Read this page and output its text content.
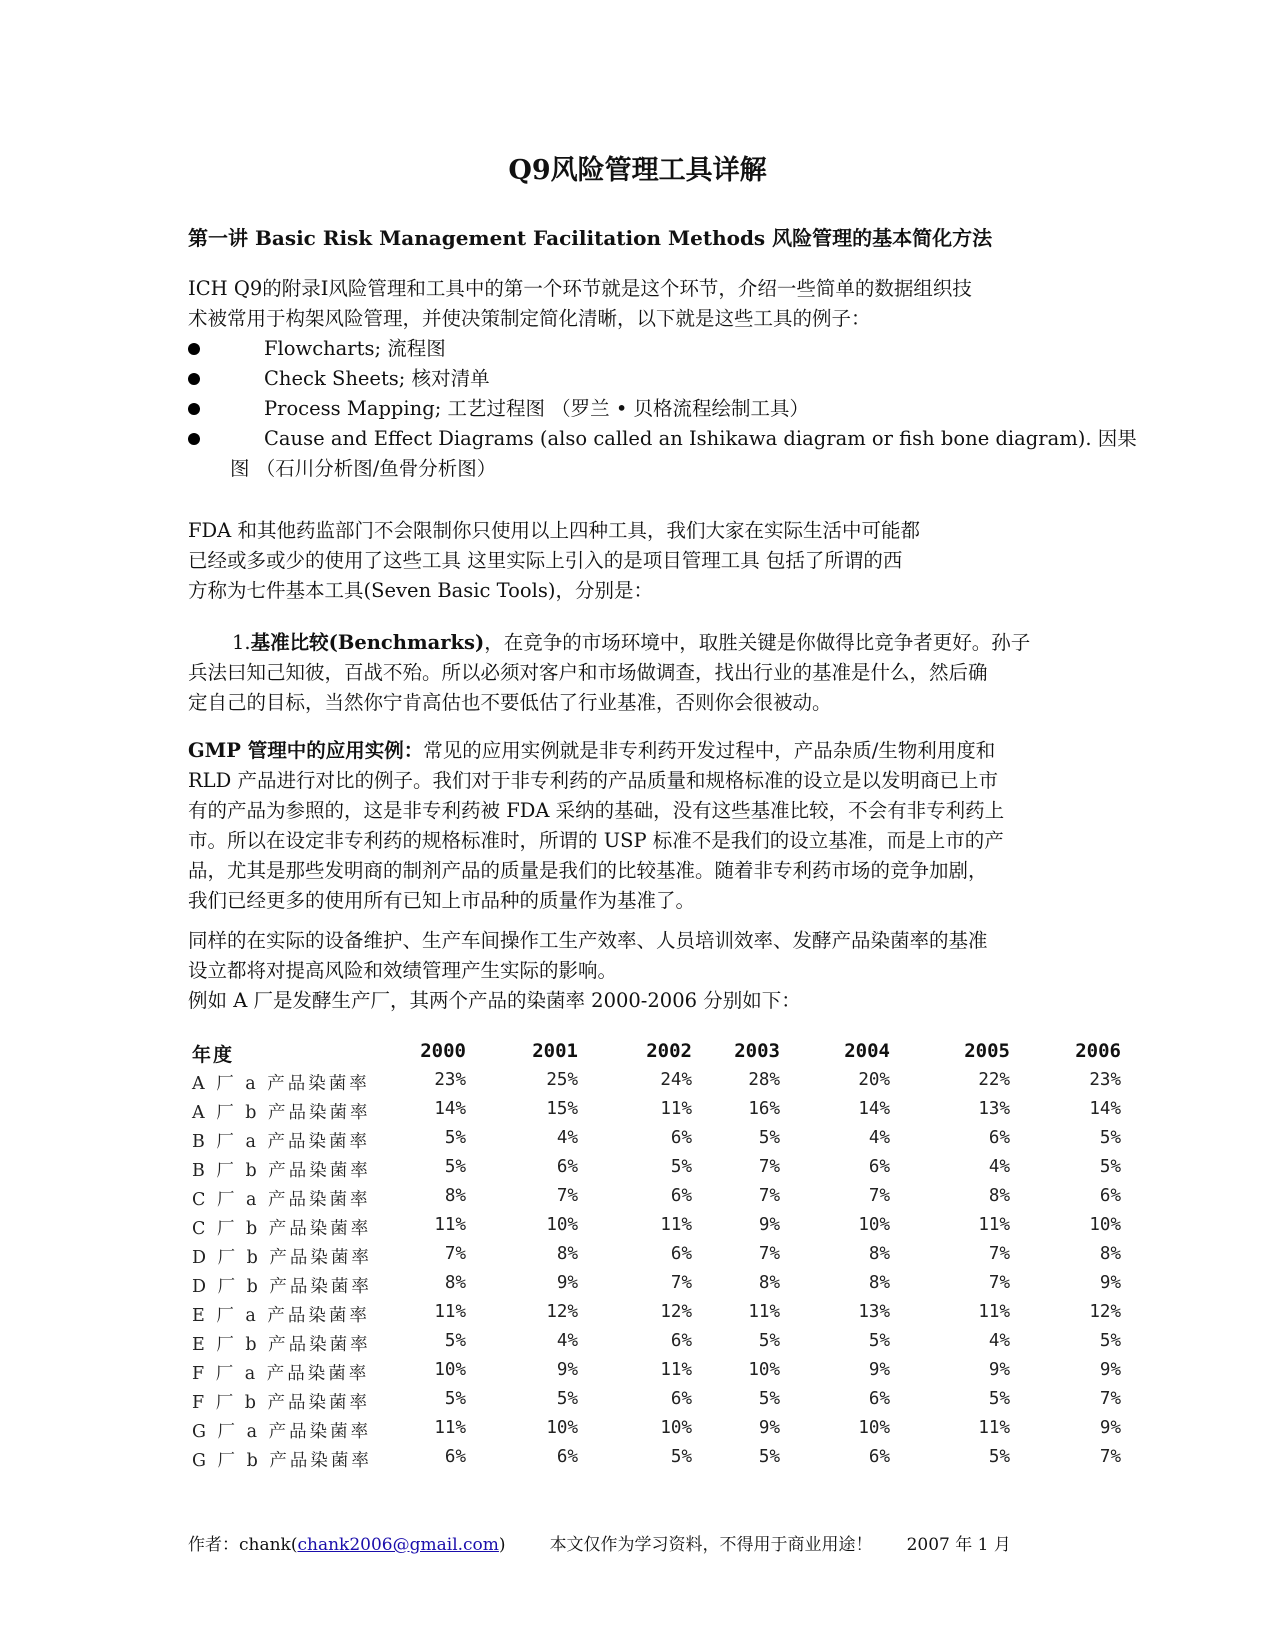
Q9风险管理工具详解
第一讲 Basic Risk Management Facilitation Methods 风险管理的基本简化方法
ICH Q9的附录I风险管理和工具中的第一个环节就是这个环节，介绍一些简单的数据组织技
术被常用于构架风险管理，并使决策制定简化清晰，以下就是这些工具的例子：
Flowcharts; 流程图
Check Sheets; 核对清单
Process Mapping; 工艺过程图 （罗兰 • 贝格流程绘制工具）
Cause and Effect Diagrams (also called an Ishikawa diagram or fish bone diagram). 因果
图 （石川分析图/鱼骨分析图）
FDA 和其他药监部门不会限制你只使用以上四种工具，我们大家在实际生活中可能都
已经或多或少的使用了这些工具 这里实际上引入的是项目管理工具 包括了所谓的西
方称为七件基本工具(Seven Basic Tools)，分别是：
1.基准比较(Benchmarks)，在竞争的市场环境中，取胜关键是你做得比竞争者更好。孙子
兵法曰知己知彼，百战不殆。所以必须对客户和市场做调查，找出行业的基准是什么，然后确
定自己的目标，当然你宁肯高估也不要低估了行业基准，否则你会很被动。
GMP 管理中的应用实例：常见的应用实例就是非专利药开发过程中，产品杂质/生物利用度和
RLD 产品进行对比的例子。我们对于非专利药的产品质量和规格标准的设立是以发明商已上市
有的产品为参照的，这是非专利药被 FDA 采纳的基础，没有这些基准比较，不会有非专利药上
市。所以在设定非专利药的规格标准时，所谓的 USP 标准不是我们的设立基准，而是上市的产
品，尤其是那些发明商的制剂产品的质量是我们的比较基准。随着非专利药市场的竞争加剧，
我们已经更多的使用所有已知上市品种的质量作为基准了。
同样的在实际的设备维护、生产车间操作工生产效率、人员培训效率、发酵产品染菌率的基准
设立都将对提高风险和效绩管理产生实际的影响。
例如 A 厂是发酵生产厂，其两个产品的染菌率 2000-2006 分别如下：
年度	2000	2001	2002 2003	2004	2005	2006
A 厂 a 产品染菌率	23%	25%	24%	28%	20%	22%	23%
A 厂 b 产品染菌率	14%	15%	11%	16%	14%	13%	14%
B 厂 a 产品染菌率	5%	4%	6%	5%	4%	6%	5%
B 厂 b 产品染菌率	5%	6%	5%	7%	6%	4%	5%
C 厂 a 产品染菌率	8%	7%	6%	7%	7%	8%	6%
C 厂 b 产品染菌率	11%	10%	11%	9%	10%	11%	10%
D 厂 b 产品染菌率	7%	8%	6%	7%	8%	7%	8%
D 厂 b 产品染菌率	8%	9%	7%	8%	8%	7%	9%
E 厂 a 产品染菌率	11%	12%	12%	11%	13%	11%	12%
E 厂 b 产品染菌率	5%	4%	6%	5%	5%	4%	5%
F 厂 a 产品染菌率	10%	9%	11%	10%	9%	9%	9%
F 厂 b 产品染菌率	5%	5%	6%	5%	6%	5%	7%
G 厂 a 产品染菌率	11%	10%	10%	9%	10%	11%	9%
G 厂 b 产品染菌率	6%	6%	5%	5%	6%	5%	7%
作者：chank(chank2006@gmail.com)	本文仅作为学习资料，不得用于商业用途！ 2007 年 1 月
